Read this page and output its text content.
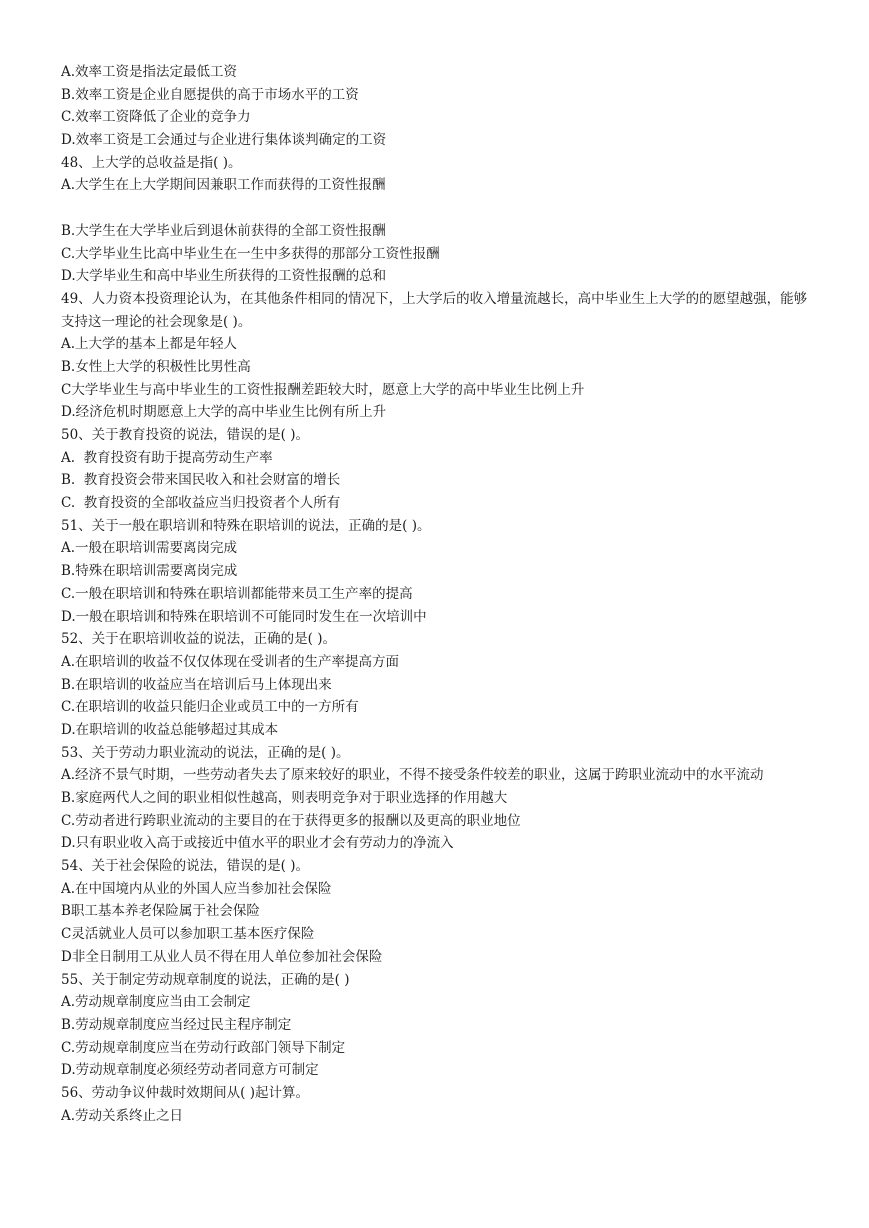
A.效率工资是指法定最低工资
B.效率工资是企业自愿提供的高于市场水平的工资
C.效率工资降低了企业的竞争力
D.效率工资是工会通过与企业进行集体谈判确定的工资
48、上大学的总收益是指( )。
A.大学生在上大学期间因兼职工作而获得的工资性报酬
B.大学生在大学毕业后到退休前获得的全部工资性报酬
C.大学毕业生比高中毕业生在一生中多获得的那部分工资性报酬
D.大学毕业生和高中毕业生所获得的工资性报酬的总和
49、人力资本投资理论认为，在其他条件相同的情况下，上大学后的收入增量流越长，高中毕业生上大学的的愿望越强，能够支持这一理论的社会现象是( )。
A.上大学的基本上都是年轻人
B.女性上大学的积极性比男性高
C大学毕业生与高中毕业生的工资性报酬差距较大时，愿意上大学的高中毕业生比例上升
D.经济危机时期愿意上大学的高中毕业生比例有所上升
50、关于教育投资的说法，错误的是( )。
A.  教育投资有助于提高劳动生产率
B.  教育投资会带来国民收入和社会财富的增长
C.  教育投资的全部收益应当归投资者个人所有
51、关于一般在职培训和特殊在职培训的说法，正确的是( )。
A.一般在职培训需要离岗完成
B.特殊在职培训需要离岗完成
C.一般在职培训和特殊在职培训都能带来员工生产率的提高
D.一般在职培训和特殊在职培训不可能同时发生在一次培训中
52、关于在职培训收益的说法，正确的是( )。
A.在职培训的收益不仅仅体现在受训者的生产率提高方面
B.在职培训的收益应当在培训后马上体现出来
C.在职培训的收益只能归企业或员工中的一方所有
D.在职培训的收益总能够超过其成本
53、关于劳动力职业流动的说法，正确的是( )。
A.经济不景气时期，一些劳动者失去了原来较好的职业，不得不接受条件较差的职业，这属于跨职业流动中的水平流动
B.家庭两代人之间的职业相似性越高，则表明竞争对于职业选择的作用越大
C.劳动者进行跨职业流动的主要目的在于获得更多的报酬以及更高的职业地位
D.只有职业收入高于或接近中值水平的职业才会有劳动力的净流入
54、关于社会保险的说法，错误的是( )。
A.在中国境内从业的外国人应当参加社会保险
B职工基本养老保险属于社会保险
C灵活就业人员可以参加职工基本医疗保险
D非全日制用工从业人员不得在用人单位参加社会保险
55、关于制定劳动规章制度的说法，正确的是( )
A.劳动规章制度应当由工会制定
B.劳动规章制度应当经过民主程序制定
C.劳动规章制度应当在劳动行政部门领导下制定
D.劳动规章制度必须经劳动者同意方可制定
56、劳动争议仲裁时效期间从( )起计算。
A.劳动关系终止之日
